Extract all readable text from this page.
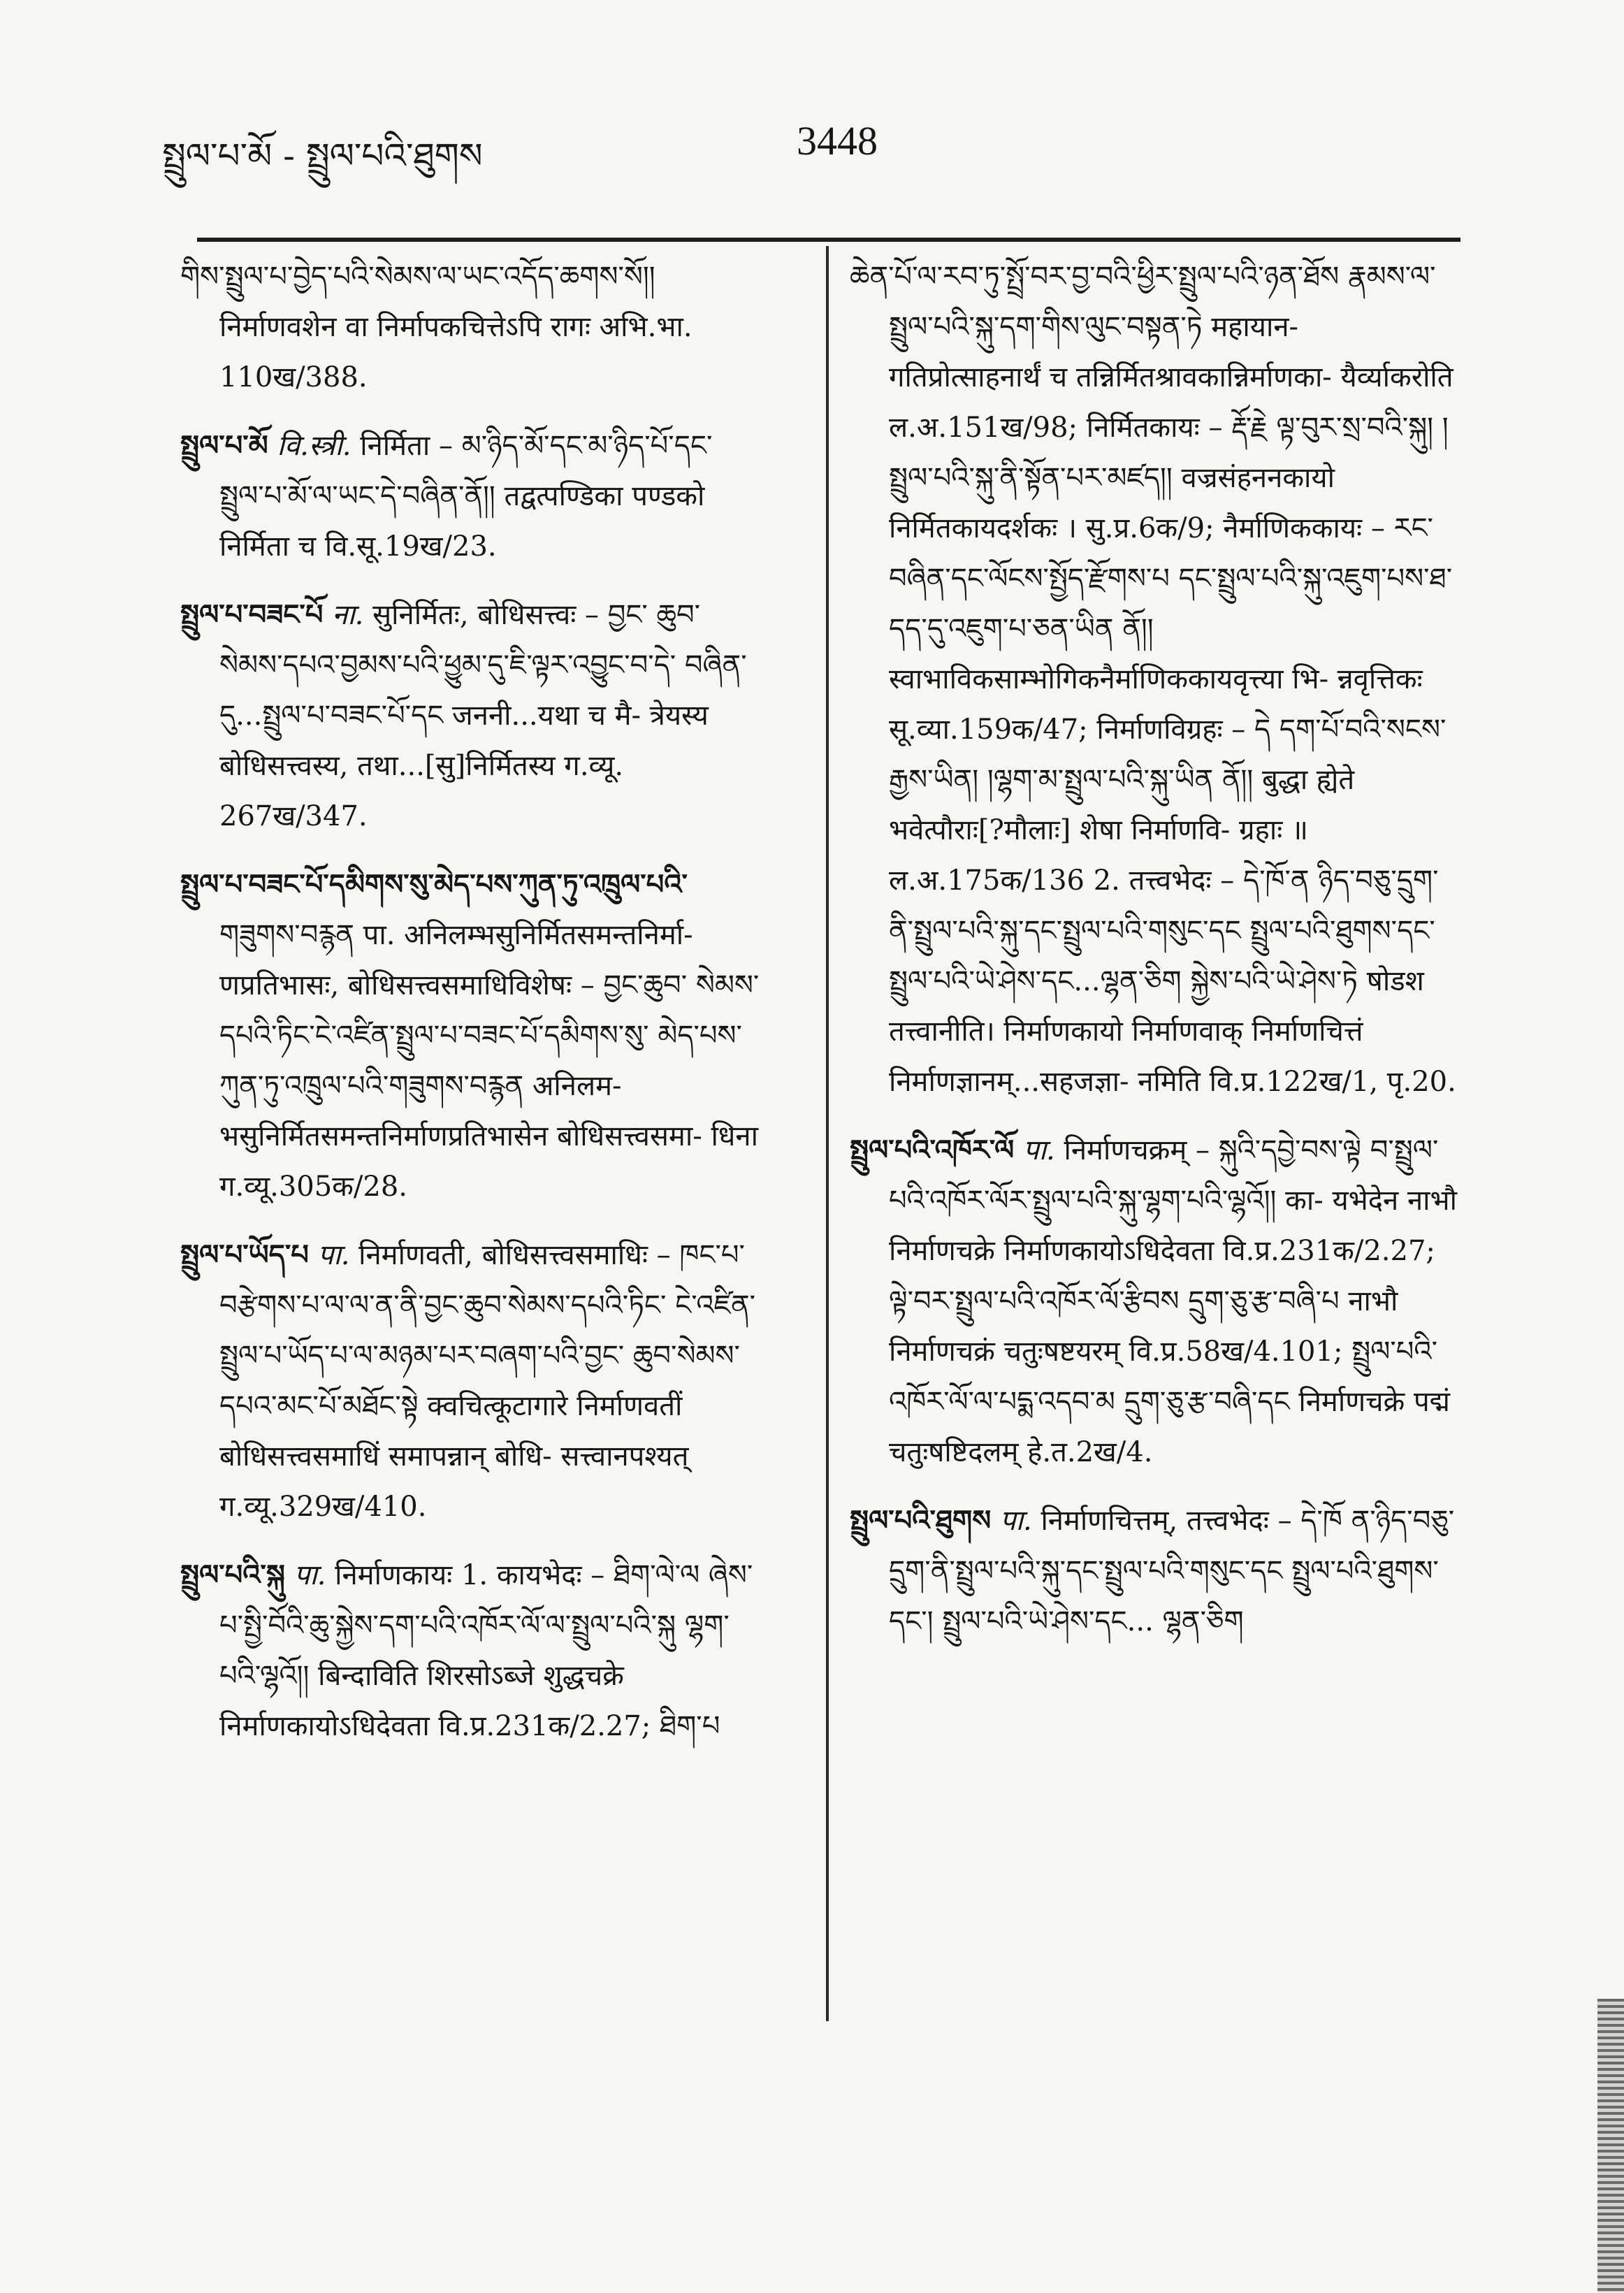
སྤྲུལ་པ་མོ - སྤྲུལ་པའི་ཐུགས	3448
གིས་སྤྲུལ་པ་བྱེད་པའི་སེམས་ལ་ཡང་འདོད་ཆགས་སོ།། निर्माणवशेन वा निर्मापकचित्तेऽपि रागः अभि.भा. 110ख/388.
སྤྲུལ་པ་མོ वि.स्त्री. निर्मिता – མ་ཉིད་མོ་དང་མ་ཉིད་པོ་དང་ སྤྲུལ་པ་མོ་ལ་ཡང་དེ་བཞིན་ནོ།། तद्वत्पण्डिका पण्डको निर्मिता च वि.सू.19ख/23.
སྤྲུལ་པ་བཟང་པོ ना. सुनिर्मितः, बोधिसत्त्वः – བྱང་ ཆུབ་སེམས་དཔའ་བྱམས་པའི་ཕྱུམ་དུ་ཇི་ལྟར་འབྱུང་བ་དེ་ བཞིན་དུ...སྤྲུལ་པ་བཟང་པོ་དང जननी...यथा च मै- त्रेयस्य बोधिसत्त्वस्य, तथा...[सु]निर्मितस्य ग.व्यू. 267ख/347.
སྤྲུལ་པ་བཟང་པོ་དམིགས་སུ་མེད་པས་ཀུན་ཏུ་འཁྲུལ་པའི་ གཟུགས་བརྙན पा. अनिलम्भसुनिर्मितसमन्तनिर्मा- णप्रतिभासः, बोधिसत्त्वसमाधिविशेषः – བྱང་ཆུབ་ སེམས་དཔའི་ཏིང་ངེ་འཛིན་སྤྲུལ་པ་བཟང་པོ་དམིགས་སུ་ མེད་པས་ཀུན་ཏུ་འཁྲུལ་པའི་གཟུགས་བརྙན अनिलम- भसुनिर्मितसमन्तनिर्माणप्रतिभासेन बोधिसत्त्वसमा- धिना ग.व्यू.305क/28.
སྤྲུལ་པ་ཡོད་པ पा. निर्माणवती, बोधिसत्त्वसमाधिः – ཁང་པ་བརྩེགས་པ་ལ་ལ་ན་ནི་བྱང་ཆུབ་སེམས་དཔའི་ཏིང་ ངེ་འཛིན་སྤྲུལ་པ་ཡོད་པ་ལ་མཉམ་པར་བཞག་པའི་བྱང་ ཆུབ་སེམས་དཔའ་མང་པོ་མཐོང་སྟེ क्वचित्कूटागारे निर्माणवतीं बोधिसत्त्वसमाधिं समापन्नान् बोधि- सत्त्वानपश्यत् ग.व्यू.329ख/410.
སྤྲུལ་པའི་སྐུ पा. निर्माणकायः 1. कायभेदः – ཐིག་ལེ་ལ ཞེས་པ་སྤྱི་བོའི་ཆུ་སྐྱེས་དག་པའི་འཁོར་ལོ་ལ་སྤྲུལ་པའི་སྐུ ལྷག་པའི་ལྷའོ།། बिन्दाविति शिरसोऽब्जे शुद्धचक्रे निर्माणकायोऽधिदेवता वि.प्र.231क/2.27; ཐིག་པ
ཆེན་པོ་ལ་རབ་ཏུ་སྤྲོ་བར་བྱ་བའི་ཕྱིར་སྤྲུལ་པའི་ཉན་ཐོས རྣམས་ལ་སྤྲུལ་པའི་སྐུ་དག་གིས་ལུང་བསྟན་ཏེ महायान- गतिप्रोत्साहनार्थं च तन्निर्मितश्रावकान्निर्माणका- यैर्व्याकरोति ल.अ.151ख/98; निर्मितकायः – རྡོ་རྗེ ལྟ་བུར་སྲ་བའི་སྐུ། །སྤྲུལ་པའི་སྐུ་ནི་སྟོན་པར་མཛད།། वज्रसंहननकायो निर्मितकायदर्शकः । सु.प्र.6क/9; नैर्माणिककायः – རང་བཞིན་དང་ལོངས་སྤྱོད་རྫོགས་པ དང་སྤྲུལ་པའི་སྐུ་འཇུག་པས་ཐ་དད་དུ་འཇུག་པ་ཅན་ཡིན ནོ།། स्वाभाविकसाम्भोगिकनैर्माणिककायवृत्त्या भि- न्नवृत्तिकः सू.व्या.159क/47; निर्माणविग्रहः – དེ དག་པོ་བའི་སངས་རྒྱས་ཡིན། །ལྷག་མ་སྤྲུལ་པའི་སྐུ་ཡིན ནོ།། बुद्धा ह्येते भवेत्पौराः[?मौलाः] शेषा निर्माणवि- ग्रहाः ॥ ल.अ.175क/136 2. तत्त्वभेदः – དེ་ཁོ་ན ཉིད་བཅུ་དྲུག་ནི་སྤྲུལ་པའི་སྐུ་དང་སྤྲུལ་པའི་གསུང་དང སྤྲུལ་པའི་ཐུགས་དང་སྤྲུལ་པའི་ཡེ་ཤེས་དང...ལྷན་ཅིག སྐྱེས་པའི་ཡེ་ཤེས་ཏེ षोडश तत्त्वानीति। निर्माणकायो निर्माणवाक् निर्माणचित्तं निर्माणज्ञानम्...सहजज्ञा- नमिति वि.प्र.122ख/1, पृ.20.
སྤྲུལ་པའི་འཁོར་ལོ पा. निर्माणचक्रम् – སྐུའི་དབྱེ་བས་ལྟེ བ་སྤྲུལ་པའི་འཁོར་ལོར་སྤྲུལ་པའི་སྐུ་ལྷག་པའི་ལྷའོ།། का- यभेदेन नाभौ निर्माणचक्रे निर्माणकायोऽधिदेवता वि.प्र.231क/2.27; ལྟེ་བར་སྤྲུལ་པའི་འཁོར་ལོ་རྩིབས དྲུག་ཅུ་རྩ་བཞི་པ नाभौ निर्माणचक्रं चतुःषष्टयरम् वि.प्र.58ख/4.101; སྤྲུལ་པའི་འཁོར་ལོ་ལ་པདྨ་འདབ་མ དྲུག་ཅུ་རྩ་བཞི་དང निर्माणचक्रे पद्मं चतुःषष्टिदलम् हे.त.2ख/4.
སྤྲུལ་པའི་ཐུགས पा. निर्माणचित्तम्, तत्त्वभेदः – དེ་ཁོ ན་ཉིད་བཅུ་དྲུག་ནི་སྤྲུལ་པའི་སྐུ་དང་སྤྲུལ་པའི་གསུང་དང སྤྲུལ་པའི་ཐུགས་དང་། སྤྲུལ་པའི་ཡེ་ཤེས་དང... ལྷན་ཅིག
